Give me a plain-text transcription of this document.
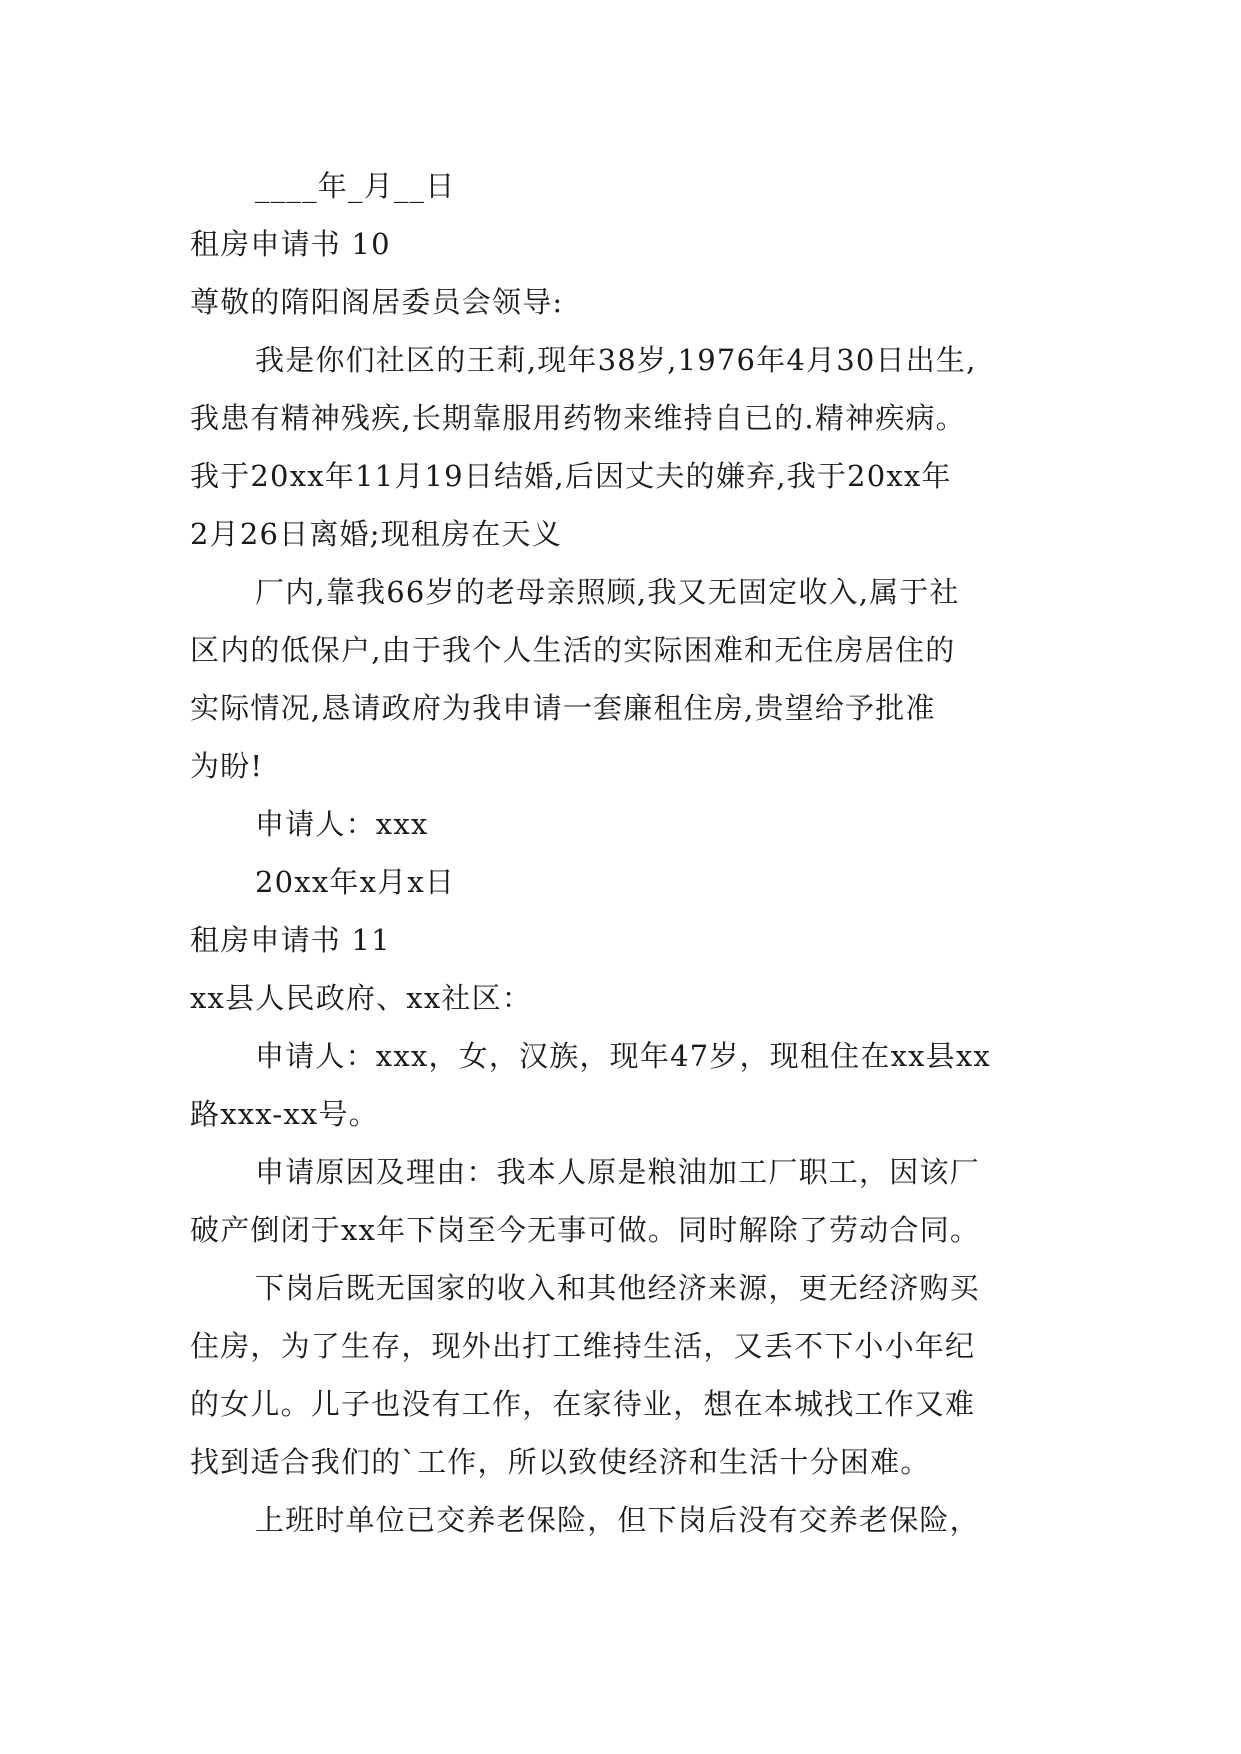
____年_月__日
租房申请书 10
尊敬的隋阳阁居委员会领导:
我是你们社区的王莉,现年38岁,1976年4月30日出生,
我患有精神残疾,长期靠服用药物来维持自已的.精神疾病。
我于20xx年11月19日结婚,后因丈夫的嫌弃,我于20xx年
2月26日离婚;现租房在天义
厂内,靠我66岁的老母亲照顾,我又无固定收入,属于社
区内的低保户,由于我个人生活的实际困难和无住房居住的
实际情况,恳请政府为我申请一套廉租住房,贵望给予批准
为盼!
申请人：xxx
20xx年x月x日
租房申请书 11
xx县人民政府、xx社区：
申请人：xxx，女，汉族，现年47岁，现租住在xx县xx
路xxx-xx号。
申请原因及理由：我本人原是粮油加工厂职工，因该厂
破产倒闭于xx年下岗至今无事可做。同时解除了劳动合同。
下岗后既无国家的收入和其他经济来源，更无经济购买
住房，为了生存，现外出打工维持生活，又丢不下小小年纪
的女儿。儿子也没有工作，在家待业，想在本城找工作又难
找到适合我们的`工作，所以致使经济和生活十分困难。
上班时单位已交养老保险，但下岗后没有交养老保险，
